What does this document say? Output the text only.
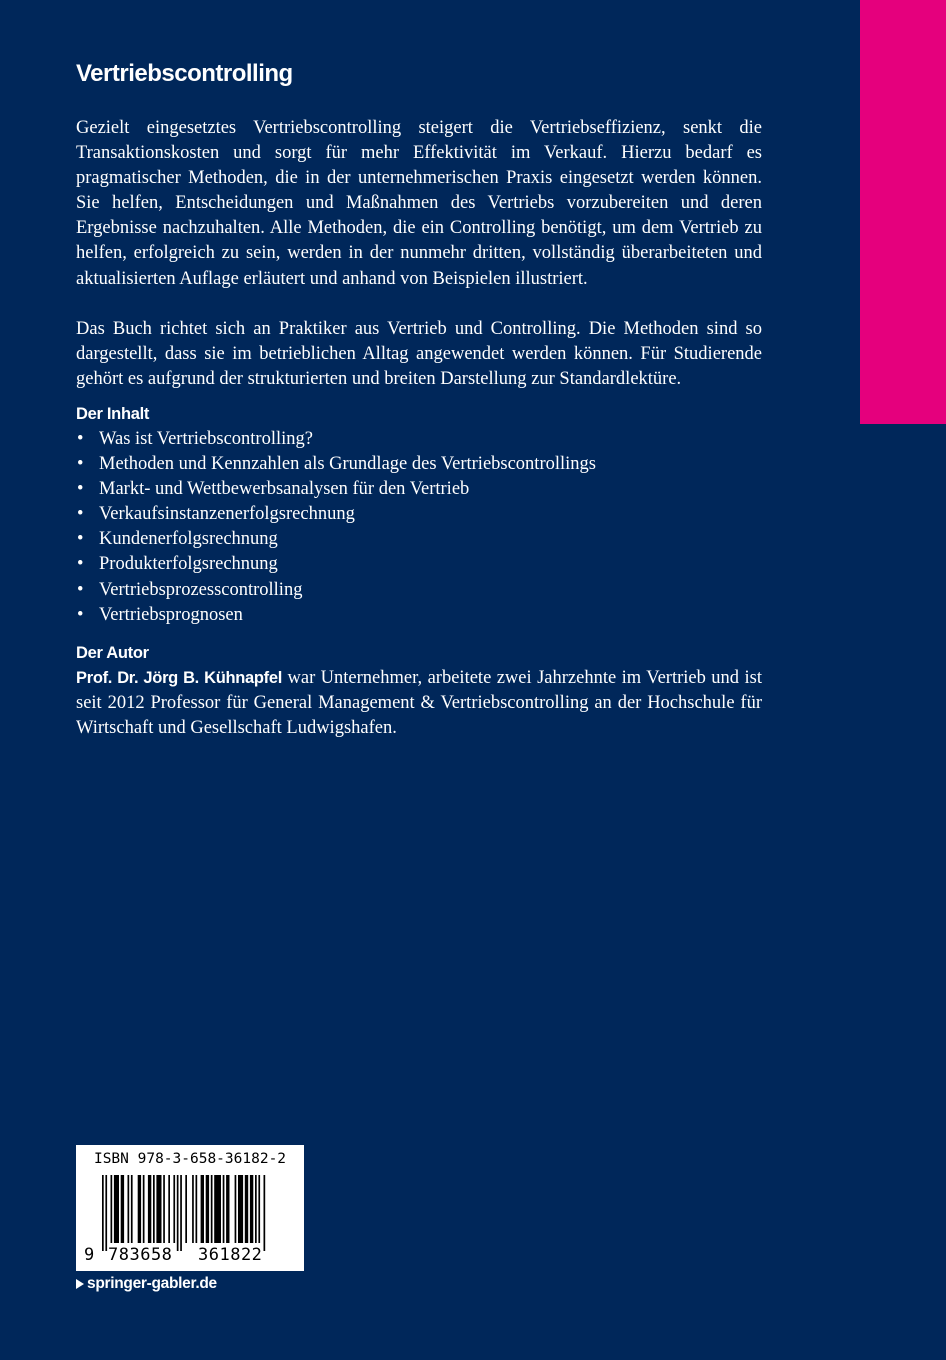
Vertriebscontrolling

Gezielt eingesetztes Vertriebscontrolling steigert die Vertriebseffizienz, senkt die Transaktionskosten und sorgt für mehr Effektivität im Verkauf. Hierzu bedarf es pragmatischer Methoden, die in der unternehmerischen Praxis eingesetzt werden können. Sie helfen, Entscheidungen und Maßnahmen des Vertriebs vorzubereiten und deren Ergebnisse nachzuhalten. Alle Methoden, die ein Controlling benötigt, um dem Vertrieb zu helfen, erfolgreich zu sein, werden in der nunmehr dritten, vollständig überarbeiteten und aktualisierten Auflage erläutert und anhand von Beispielen illustriert.

Das Buch richtet sich an Praktiker aus Vertrieb und Controlling. Die Methoden sind so dargestellt, dass sie im betrieblichen Alltag angewendet werden können. Für Studierende gehört es aufgrund der strukturierten und breiten Darstellung zur Standardlektüre.

Der Inhalt

• Was ist Vertriebscontrolling?
• Methoden und Kennzahlen als Grundlage des Vertriebscontrollings
• Markt- und Wettbewerbsanalysen für den Vertrieb
• Verkaufsinstanzenerfolgsrechnung
• Kundenerfolgsrechnung
• Produkterfolgsrechnung
• Vertriebsprozesscontrolling
• Vertriebsprognosen

Der Autor

Prof. Dr. Jörg B. Kühnapfel war Unternehmer, arbeitete zwei Jahrzehnte im Vertrieb und ist seit 2012 Professor für General Management & Vertriebscontrolling an der Hochschule für Wirtschaft und Gesellschaft Ludwigshafen.

ISBN 978-3-658-36182-2
9 783658 361822
springer-gabler.de
